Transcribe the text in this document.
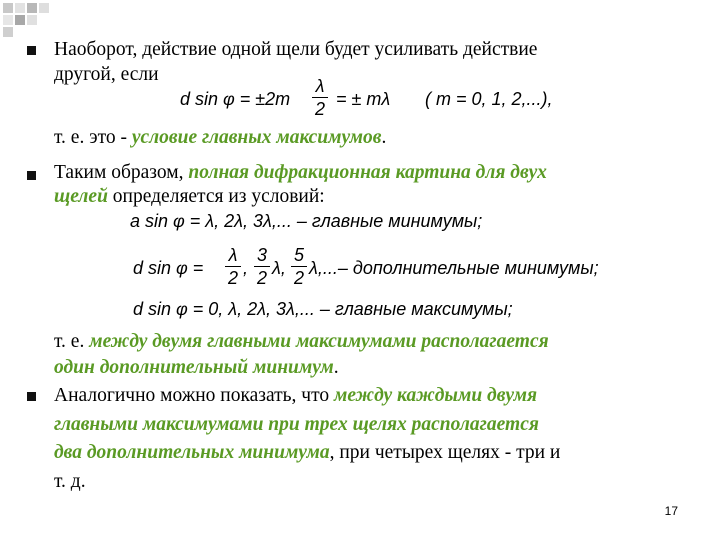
Наоборот, действие одной щели будет усиливать действие
другой, если
d sin φ = ±2m
λ
2 = ± mλ ( m = 0, 1, 2,...),
т. е. это - условие главных максимумов.
Таким образом, полная дифракционная картина для двух
щелей определяется из условий:
a sin φ = λ, 2λ, 3λ,... – главные минимумы;
d sin φ =
λ
2 ,
3
2 λ,
5
2 λ,...– дополнительные минимумы;
d sin φ = 0, λ, 2λ, 3λ,... – главные максимумы;
т. е. между двумя главными максимумами располагается
один дополнительный минимум.
Аналогично можно показать, что между каждыми двумя
главными максимумами при трех щелях располагается
два дополнительных минимума, при четырех щелях - три и
т. д.
17
